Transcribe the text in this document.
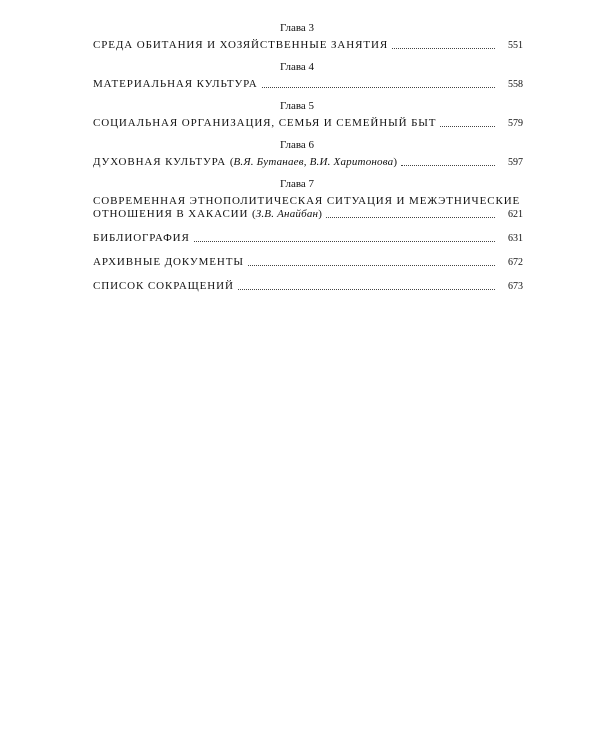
Глава 3
СРЕДА ОБИТАНИЯ И ХОЗЯЙСТВЕННЫЕ ЗАНЯТИЯ	551
Глава 4
МАТЕРИАЛЬНАЯ КУЛЬТУРА	558
Глава 5
СОЦИАЛЬНАЯ ОРГАНИЗАЦИЯ, СЕМЬЯ И СЕМЕЙНЫЙ БЫТ	579
Глава 6
ДУХОВНАЯ КУЛЬТУРА (В.Я. Бутанаев, В.И. Харитонова)	597
Глава 7
СОВРЕМЕННАЯ ЭТНОПОЛИТИЧЕСКАЯ СИТУАЦИЯ И МЕЖЭТНИЧЕСКИЕ
ОТНОШЕНИЯ В ХАКАСИИ (З.В. Анайбан)	621
БИБЛИОГРАФИЯ	631
АРХИВНЫЕ ДОКУМЕНТЫ	672
СПИСОК СОКРАЩЕНИЙ	673
